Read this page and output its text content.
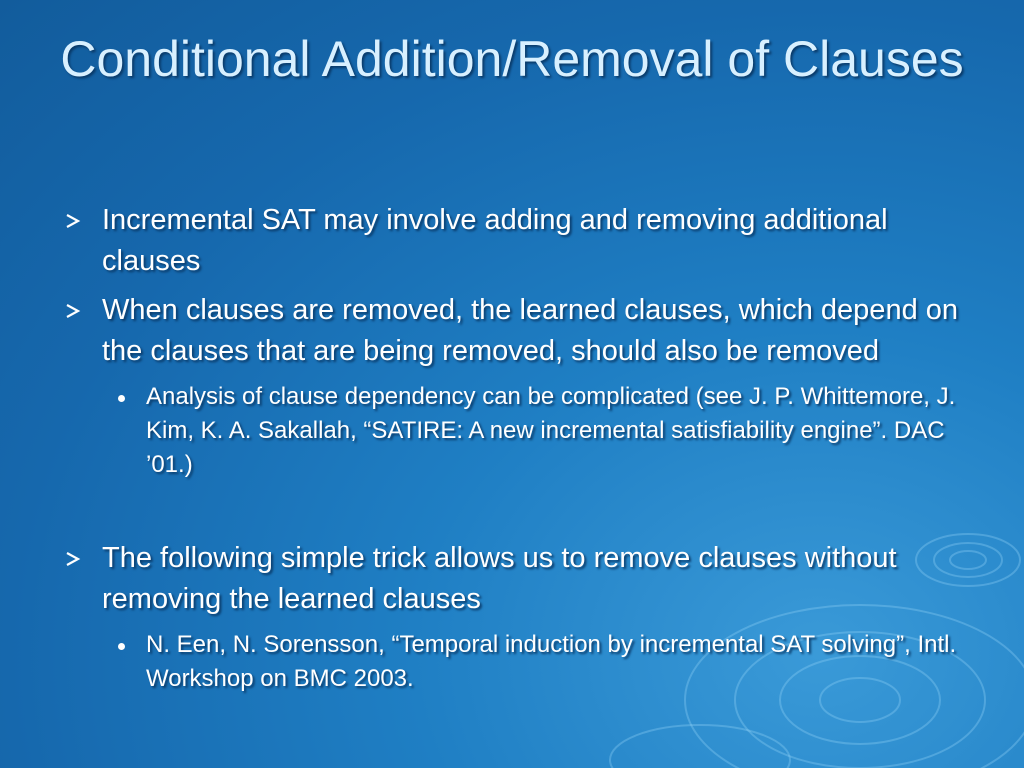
Conditional Addition/Removal of Clauses
Incremental SAT may involve adding and removing additional clauses
When clauses are removed, the learned clauses, which depend on the clauses that are being removed, should also be removed
Analysis of clause dependency can be complicated (see J. P. Whittemore, J. Kim, K. A. Sakallah, “SATIRE: A new incremental satisfiability engine”. DAC ’01.)
The following simple trick allows us to remove clauses without removing the learned clauses
N. Een, N. Sorensson, “Temporal induction by incremental SAT solving”, Intl. Workshop on BMC 2003.
